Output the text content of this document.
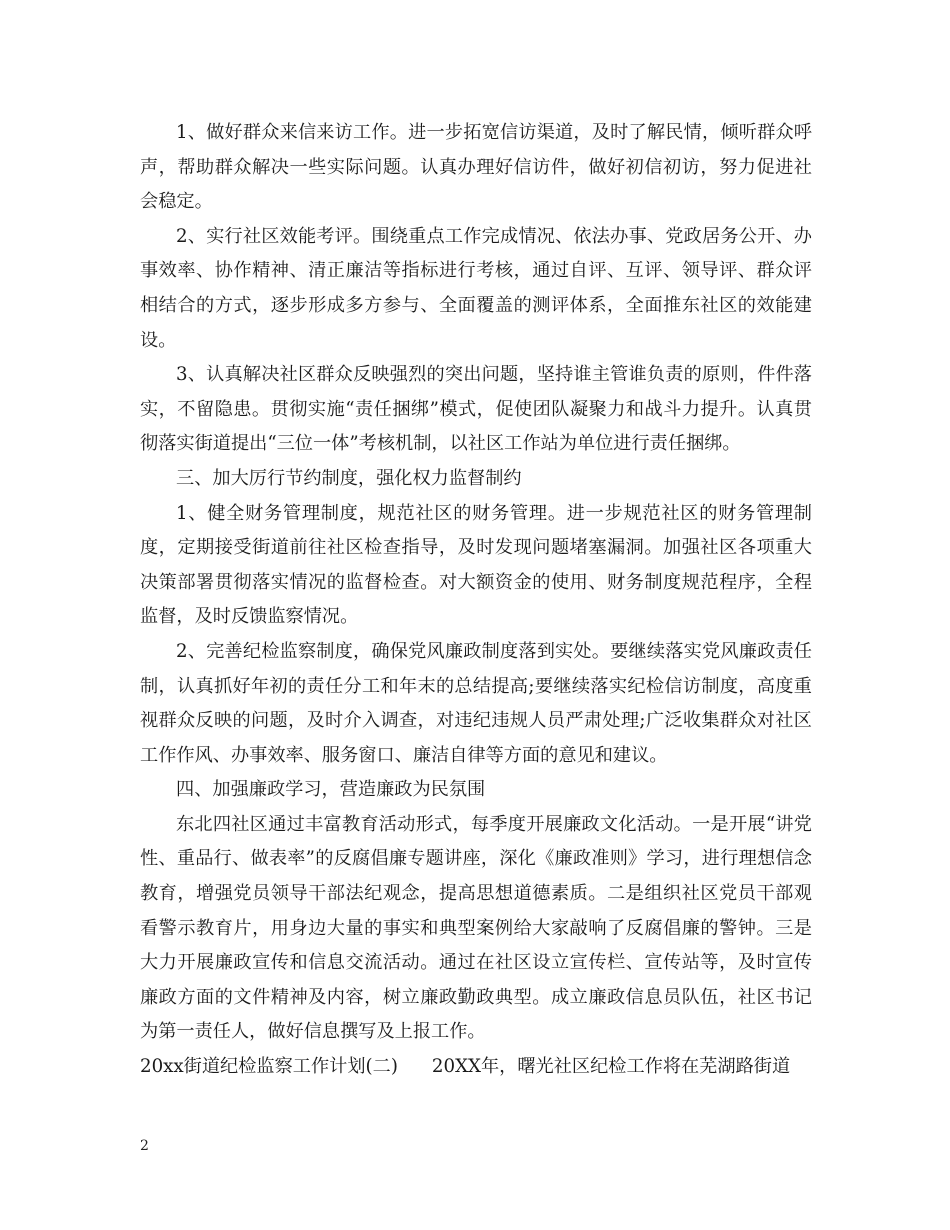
1、做好群众来信来访工作。进一步拓宽信访渠道，及时了解民情，倾听群众呼声，帮助群众解决一些实际问题。认真办理好信访件，做好初信初访，努力促进社会稳定。

2、实行社区效能考评。围绕重点工作完成情况、依法办事、党政居务公开、办事效率、协作精神、清正廉洁等指标进行考核，通过自评、互评、领导评、群众评相结合的方式，逐步形成多方参与、全面覆盖的测评体系，全面推东社区的效能建设。

3、认真解决社区群众反映强烈的突出问题，坚持谁主管谁负责的原则，件件落实，不留隐患。贯彻实施“责任捆绑”模式，促使团队凝聚力和战斗力提升。认真贯彻落实街道提出“三位一体”考核机制，以社区工作站为单位进行责任捆绑。

三、加大厉行节约制度，强化权力监督制约

1、健全财务管理制度，规范社区的财务管理。进一步规范社区的财务管理制度，定期接受街道前往社区检查指导，及时发现问题堵塞漏洞。加强社区各项重大决策部署贯彻落实情况的监督检查。对大额资金的使用、财务制度规范程序，全程监督，及时反馈监察情况。

2、完善纪检监察制度，确保党风廉政制度落到实处。要继续落实党风廉政责任制，认真抓好年初的责任分工和年末的总结提高;要继续落实纪检信访制度，高度重视群众反映的问题，及时介入调查，对违纪违规人员严肃处理;广泛收集群众对社区工作作风、办事效率、服务窗口、廉洁自律等方面的意见和建议。

四、加强廉政学习，营造廉政为民氛围

东北四社区通过丰富教育活动形式，每季度开展廉政文化活动。一是开展“讲党性、重品行、做表率”的反腐倡廉专题讲座，深化《廉政准则》学习，进行理想信念教育，增强党员领导干部法纪观念，提高思想道德素质。二是组织社区党员干部观看警示教育片，用身边大量的事实和典型案例给大家敲响了反腐倡廉的警钟。三是大力开展廉政宣传和信息交流活动。通过在社区设立宣传栏、宣传站等，及时宣传廉政方面的文件精神及内容，树立廉政勤政典型。成立廉政信息员队伍，社区书记为第一责任人，做好信息撰写及上报工作。

20xx街道纪检监察工作计划(二) 20XX年，曙光社区纪检工作将在芜湖路街道

2
